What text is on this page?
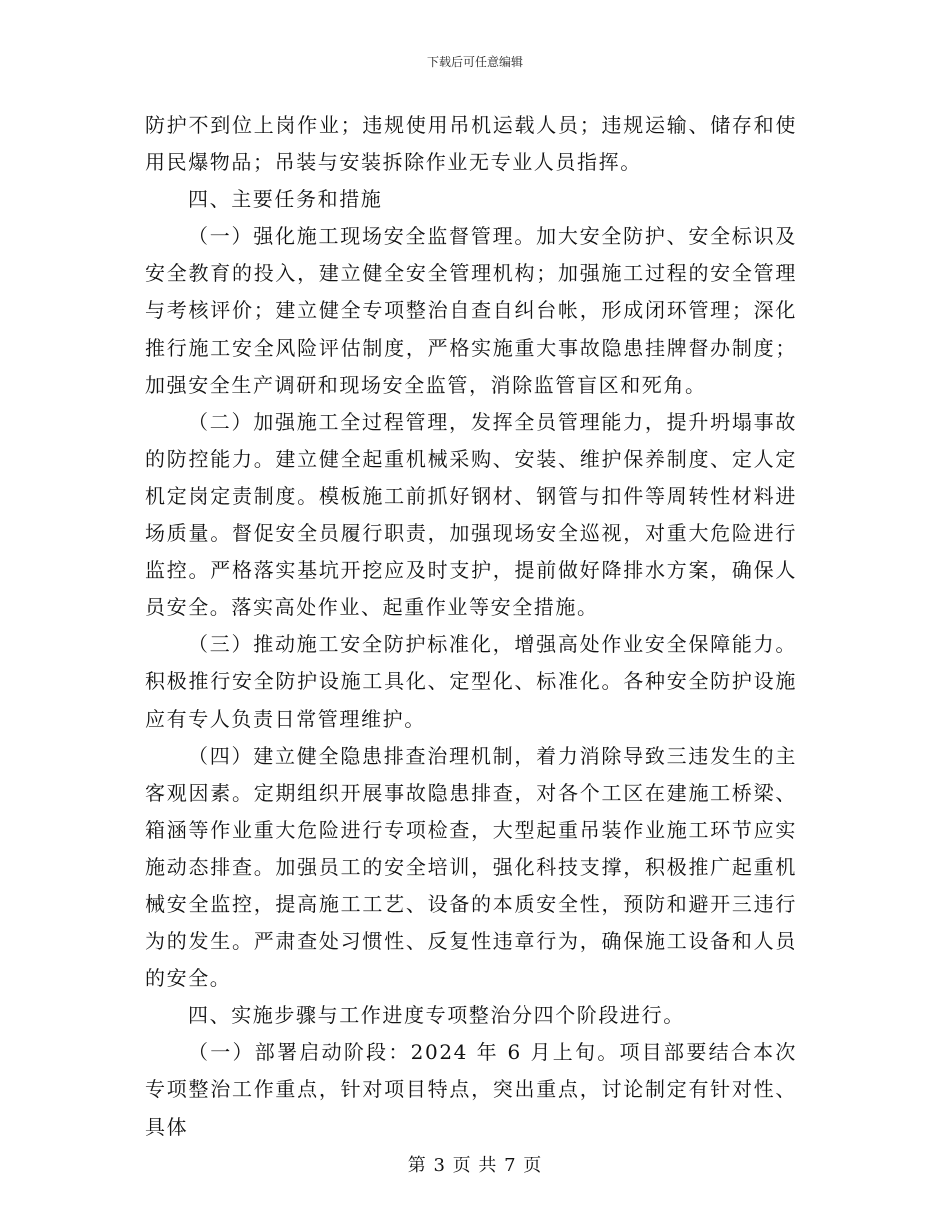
下载后可任意编辑

防护不到位上岗作业；违规使用吊机运载人员；违规运输、储存和使用民爆物品；吊装与安装拆除作业无专业人员指挥。

四、主要任务和措施

（一）强化施工现场安全监督管理。加大安全防护、安全标识及安全教育的投入，建立健全安全管理机构；加强施工过程的安全管理与考核评价；建立健全专项整治自查自纠台帐，形成闭环管理；深化推行施工安全风险评估制度，严格实施重大事故隐患挂牌督办制度；加强安全生产调研和现场安全监管，消除监管盲区和死角。

（二）加强施工全过程管理，发挥全员管理能力，提升坍塌事故的防控能力。建立健全起重机械采购、安装、维护保养制度、定人定机定岗定责制度。模板施工前抓好钢材、钢管与扣件等周转性材料进场质量。督促安全员履行职责，加强现场安全巡视，对重大危险进行监控。严格落实基坑开挖应及时支护，提前做好降排水方案，确保人员安全。落实高处作业、起重作业等安全措施。

（三）推动施工安全防护标准化，增强高处作业安全保障能力。积极推行安全防护设施工具化、定型化、标准化。各种安全防护设施应有专人负责日常管理维护。

（四）建立健全隐患排查治理机制，着力消除导致三违发生的主客观因素。定期组织开展事故隐患排查，对各个工区在建施工桥梁、箱涵等作业重大危险进行专项检查，大型起重吊装作业施工环节应实施动态排查。加强员工的安全培训，强化科技支撑，积极推广起重机械安全监控，提高施工工艺、设备的本质安全性，预防和避开三违行为的发生。严肃查处习惯性、反复性违章行为，确保施工设备和人员的安全。

四、实施步骤与工作进度专项整治分四个阶段进行。

（一）部署启动阶段：2024 年 6 月上旬。项目部要结合本次专项整治工作重点，针对项目特点，突出重点，讨论制定有针对性、具体

第 3 页 共 7 页
